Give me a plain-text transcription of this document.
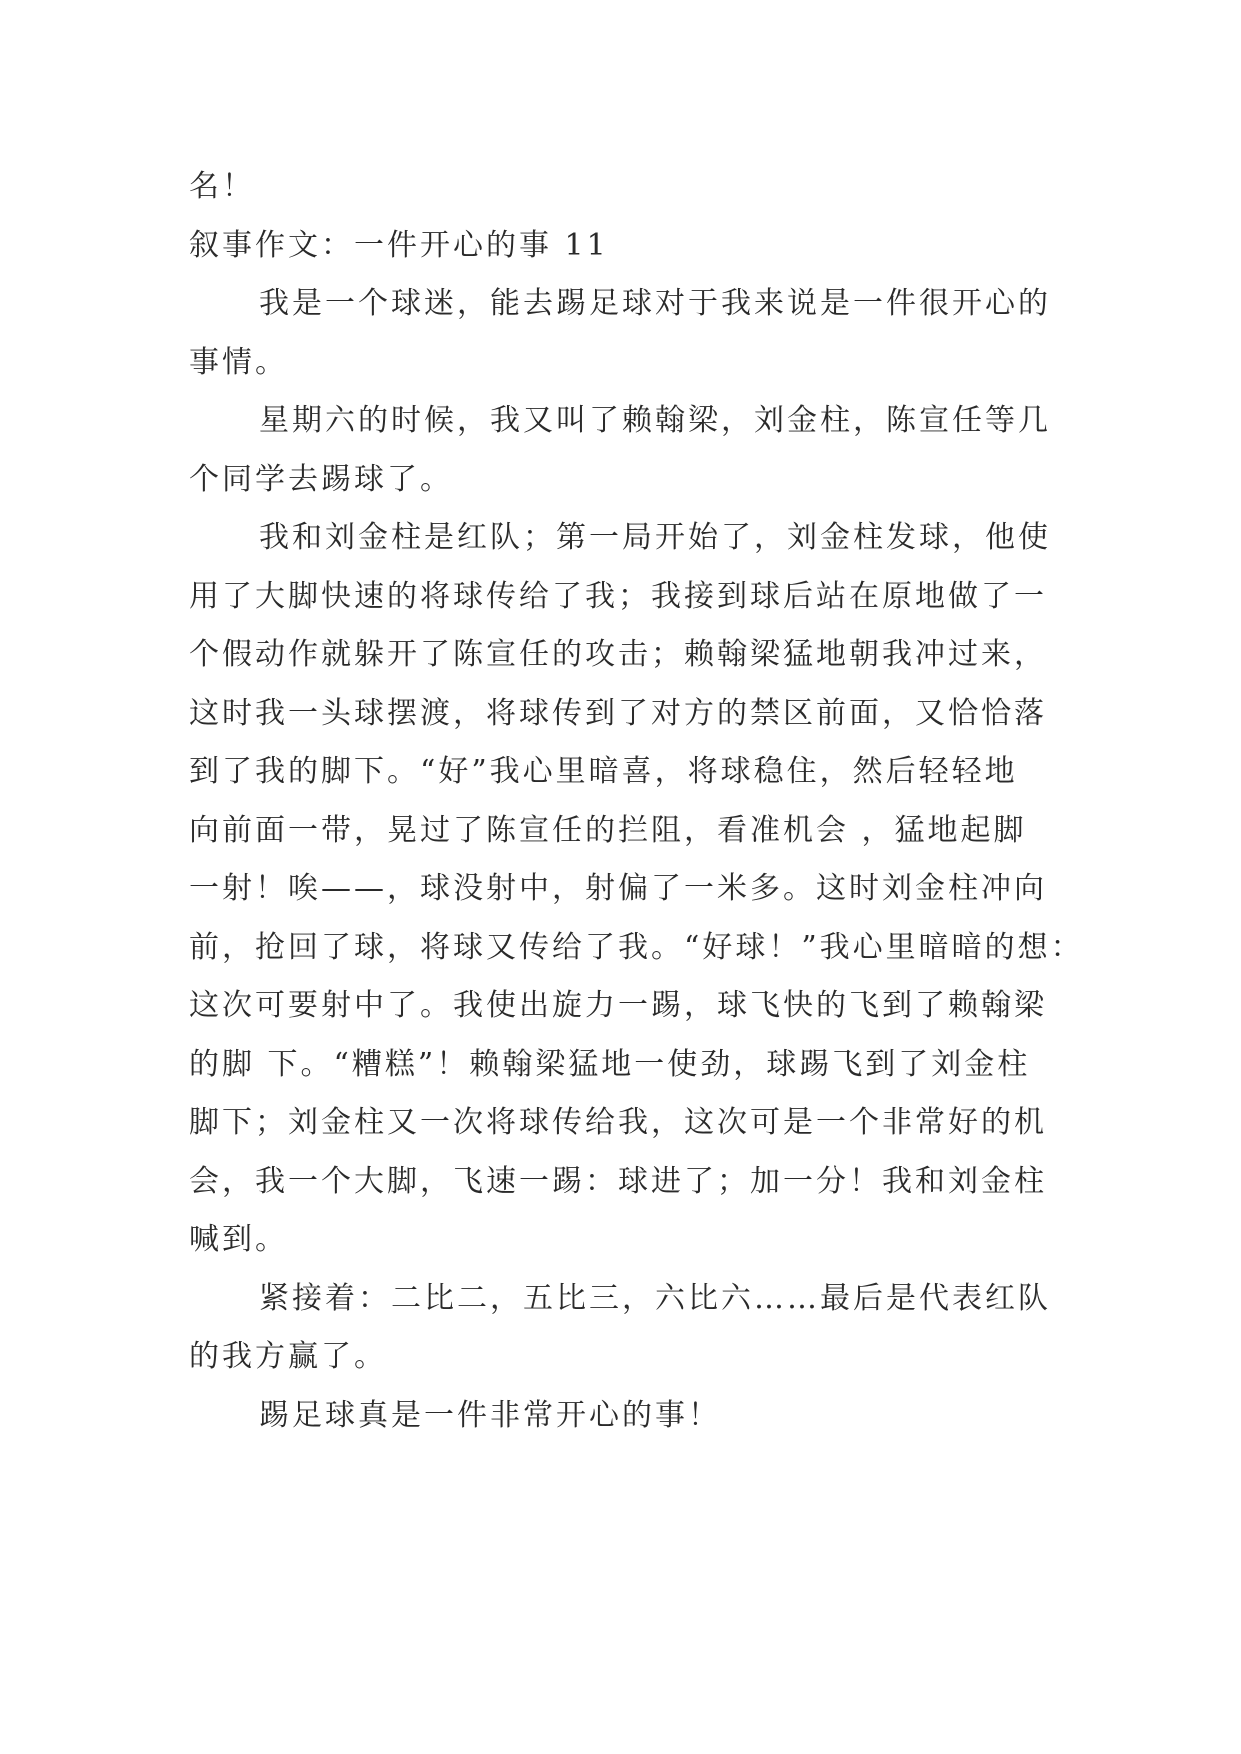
名！
叙事作文：一件开心的事 11
我是一个球迷，能去踢足球对于我来说是一件很开心的
事情。
星期六的时候，我又叫了赖翰梁，刘金柱，陈宣任等几
个同学去踢球了。
我和刘金柱是红队；第一局开始了，刘金柱发球，他使
用了大脚快速的将球传给了我；我接到球后站在原地做了一
个假动作就躲开了陈宣任的攻击；赖翰梁猛地朝我冲过来，
这时我一头球摆渡，将球传到了对方的禁区前面，又恰恰落
到了我的脚下。“好”我心里暗喜，将球稳住，然后轻轻地
向前面一带，晃过了陈宣任的拦阻，看准机会 ，猛地起脚
一射！唉——，球没射中，射偏了一米多。这时刘金柱冲向
前，抢回了球，将球又传给了我。“好球！”我心里暗暗的想：
这次可要射中了。我使出旋力一踢，球飞快的飞到了赖翰梁
的脚 下。“糟糕”！赖翰梁猛地一使劲，球踢飞到了刘金柱
脚下；刘金柱又一次将球传给我，这次可是一个非常好的机
会，我一个大脚，飞速一踢：球进了；加一分！我和刘金柱
喊到。
紧接着：二比二，五比三，六比六……最后是代表红队
的我方赢了。
踢足球真是一件非常开心的事！
